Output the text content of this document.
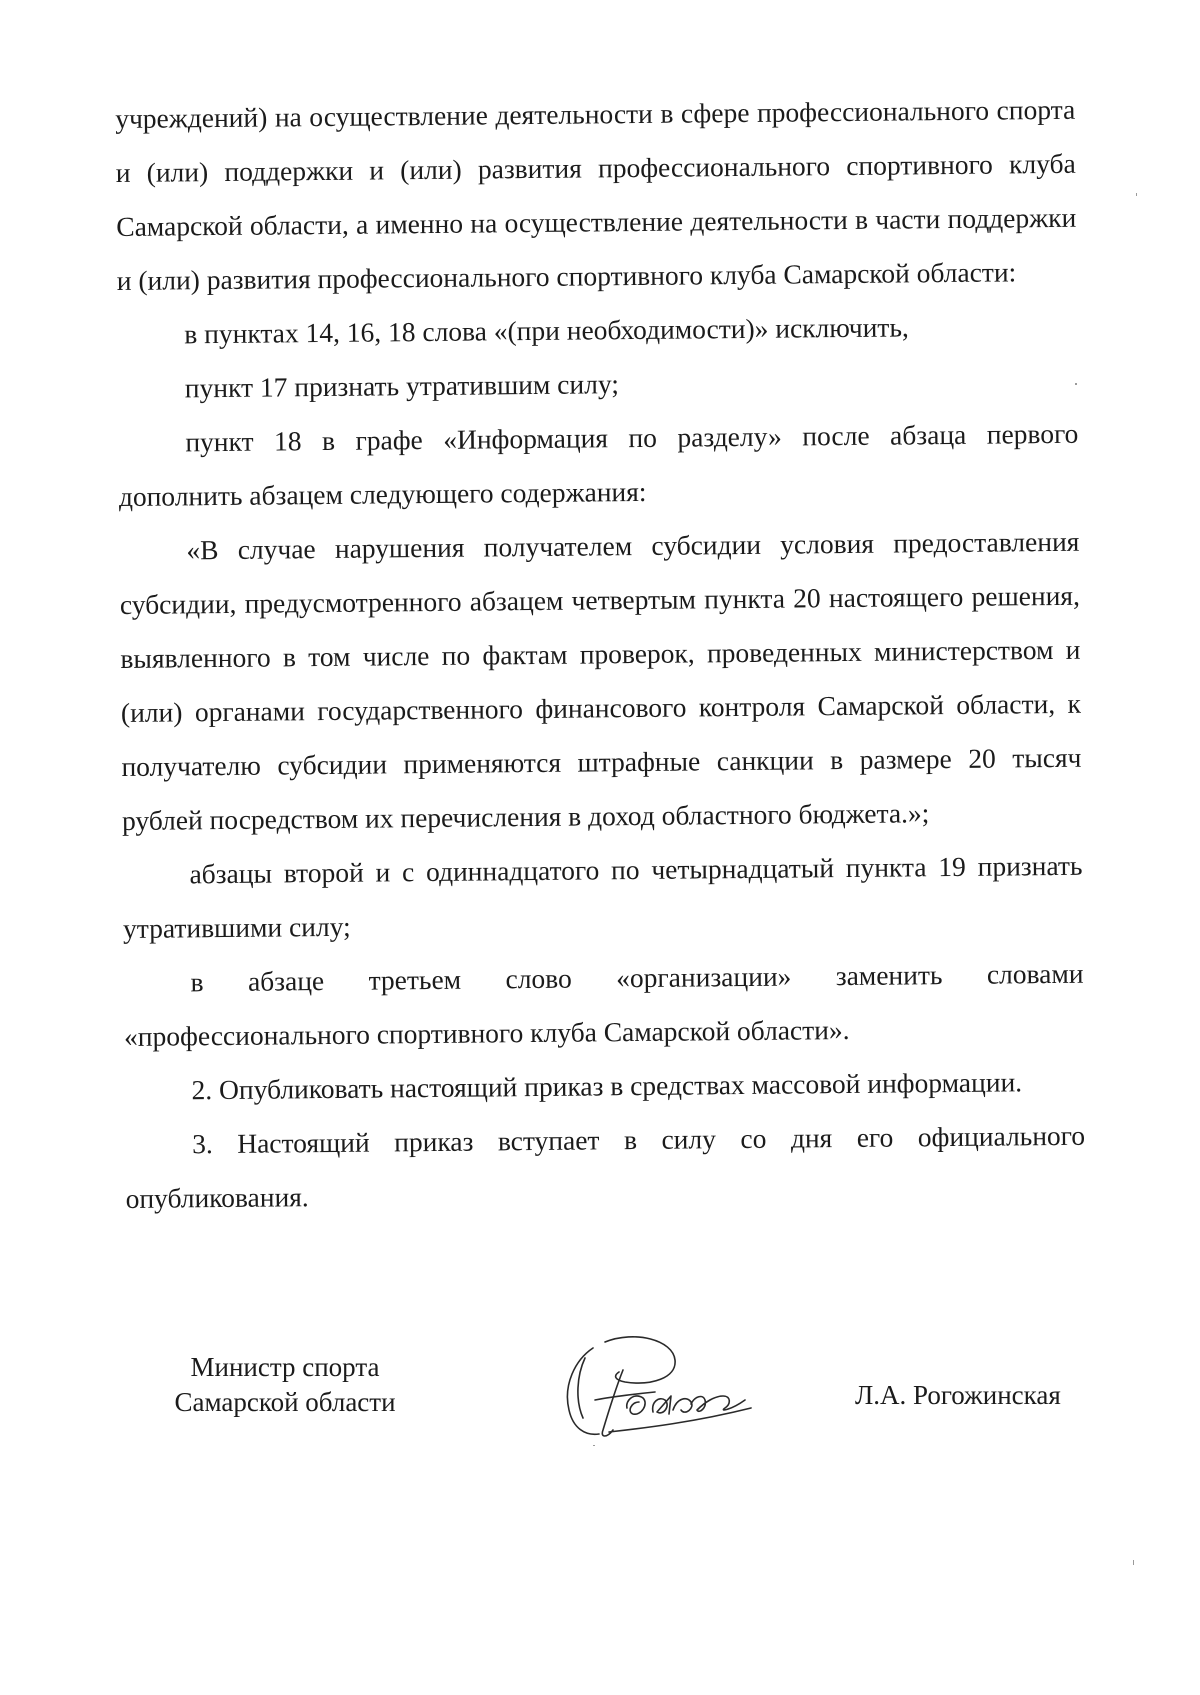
учреждений) на осуществление деятельности в сфере профессионального спорта и (или) поддержки и (или) развития профессионального спортивного клуба Самарской области, а именно на осуществление деятельности в части поддержки и (или) развития профессионального спортивного клуба Самарской области:

в пунктах 14, 16, 18 слова «(при необходимости)» исключить,

пункт 17 признать утратившим силу;

пункт 18 в графе «Информация по разделу» после абзаца первого дополнить абзацем следующего содержания:

«В случае нарушения получателем субсидии условия предоставления субсидии, предусмотренного абзацем четвертым пункта 20 настоящего решения, выявленного в том числе по фактам проверок, проведенных министерством и (или) органами государственного финансового контроля Самарской области, к получателю субсидии применяются штрафные санкции в размере 20 тысяч рублей посредством их перечисления в доход областного бюджета.»;

абзацы второй и с одиннадцатого по четырнадцатый пункта 19 признать утратившими силу;

в абзаце третьем слово «организации» заменить словами «профессионального спортивного клуба Самарской области».

2. Опубликовать настоящий приказ в средствах массовой информации.

3. Настоящий приказ вступает в силу со дня его официального опубликования.

Министр спорта
Самарской области	Л.А. Рогожинская
